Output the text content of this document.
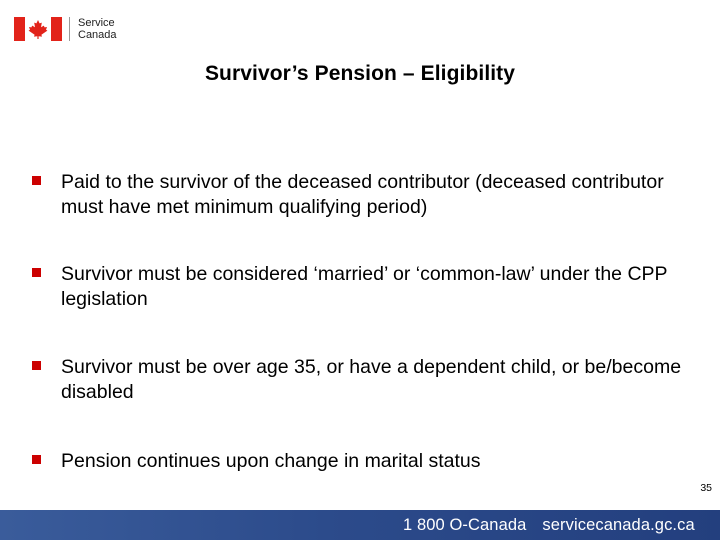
Service
Canada
Survivor’s Pension – Eligibility
Paid to the survivor of the deceased contributor (deceased contributor must have met minimum qualifying period)
Survivor must be considered ‘married’ or ‘common-law’ under the CPP legislation
Survivor must be over age 35, or have a dependent child, or be/become disabled
Pension continues upon change in marital status
35
1 800 O-Canada servicecanada.gc.ca
